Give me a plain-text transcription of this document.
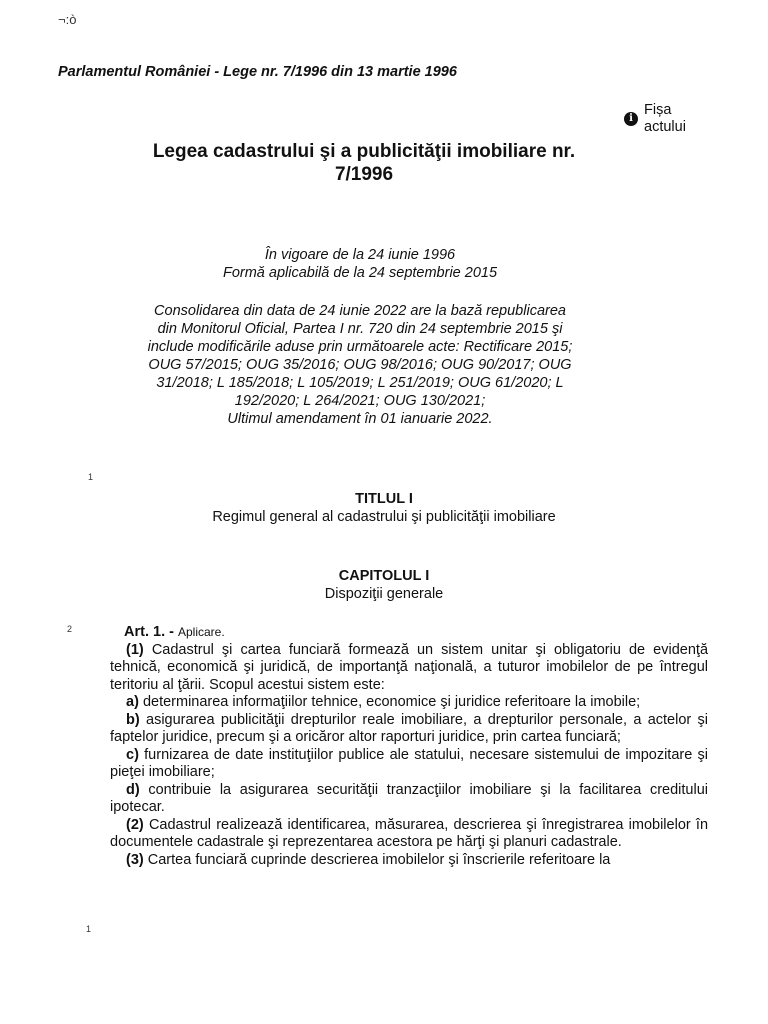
¬:ò
Parlamentul României - Lege nr. 7/1996 din 13 martie 1996
i
Fișa
actului
Legea cadastrului şi a publicităţii imobiliare nr.
7/1996
În vigoare de la 24 iunie 1996
Formă aplicabilă de la 24 septembrie 2015
Consolidarea din data de 24 iunie 2022 are la bază republicarea
din Monitorul Oficial, Partea I nr. 720 din 24 septembrie 2015 şi
include modificările aduse prin următoarele acte: Rectificare 2015;
OUG 57/2015; OUG 35/2016; OUG 98/2016; OUG 90/2017; OUG
31/2018; L 185/2018; L 105/2019; L 251/2019; OUG 61/2020; L
192/2020; L 264/2021; OUG 130/2021;
Ultimul amendament în 01 ianuarie 2022.
1
TITLUL I
Regimul general al cadastrului şi publicităţii imobiliare
CAPITOLUL I
Dispoziţii generale
2	Art. 1. - Aplicare.

(1) Cadastrul şi cartea funciară formează un sistem unitar şi obligatoriu de evidenţă tehnică, economică şi juridică, de importanţă naţională, a tuturor imobilelor de pe întregul teritoriu al ţării. Scopul acestui sistem este:

a) determinarea informaţiilor tehnice, economice şi juridice referitoare la imobile;

b) asigurarea publicităţii drepturilor reale imobiliare, a drepturilor personale, a actelor şi faptelor juridice, precum şi a oricăror altor raporturi juridice, prin cartea funciară;

c) furnizarea de date instituţiilor publice ale statului, necesare sistemului de impozitare şi pieţei imobiliare;

d) contribuie la asigurarea securităţii tranzacţiilor imobiliare şi la facilitarea creditului ipotecar.

(2) Cadastrul realizează identificarea, măsurarea, descrierea şi înregistrarea imobilelor în documentele cadastrale şi reprezentarea acestora pe hărţi şi planuri cadastrale.

(3) Cartea funciară cuprinde descrierea imobilelor şi înscrierile referitoare la

1
